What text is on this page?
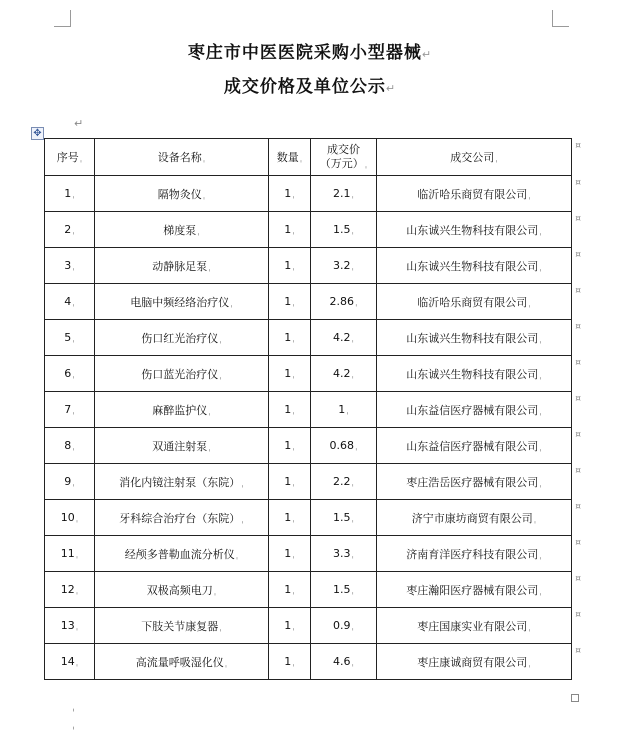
枣庄市中医医院采购小型器械↵
成交价格及单位公示↵
✥
↵
序号ˌ	设备名称ˌ	数量ˌ	成交价
（万元）ˌ	成交公司ˌ
¤

1ˌ	隔物灸仪ˌ	1ˌ	2.1ˌ	临沂哈乐商贸有限公司ˌ
¤

2ˌ	梯度泵ˌ	1ˌ	1.5ˌ	山东诚兴生物科技有限公司ˌ
¤

3ˌ	动静脉足泵ˌ	1ˌ	3.2ˌ	山东诚兴生物科技有限公司ˌ
¤

4ˌ	电脑中频经络治疗仪ˌ	1ˌ	2.86ˌ	临沂哈乐商贸有限公司ˌ
¤

5ˌ	伤口红光治疗仪ˌ	1ˌ	4.2ˌ	山东诚兴生物科技有限公司ˌ
¤

6ˌ	伤口蓝光治疗仪ˌ	1ˌ	4.2ˌ	山东诚兴生物科技有限公司ˌ
¤

7ˌ	麻醉监护仪ˌ	1ˌ	1ˌ	山东益信医疗器械有限公司ˌ
¤

8ˌ	双通注射泵ˌ	1ˌ	0.68ˌ	山东益信医疗器械有限公司ˌ
¤

9ˌ	消化内镜注射泵（东院）ˌ	1ˌ	2.2ˌ	枣庄浩岳医疗器械有限公司ˌ
¤

10ˌ	牙科综合治疗台（东院）ˌ	1ˌ	1.5ˌ	济宁市康坊商贸有限公司ˌ
¤

11ˌ	经颅多普勒血流分析仪ˌ	1ˌ	3.3ˌ	济南育洋医疗科技有限公司ˌ
¤

12ˌ	双极高频电刀ˌ	1ˌ	1.5ˌ	枣庄瀚阳医疗器械有限公司ˌ
¤

13ˌ	下肢关节康复器ˌ	1ˌ	0.9ˌ	枣庄国康实业有限公司ˌ
¤

14ˌ	高流量呼吸湿化仪ˌ	1ˌ	4.6ˌ	枣庄康诚商贸有限公司ˌ
¤
ˌ
ˌ
